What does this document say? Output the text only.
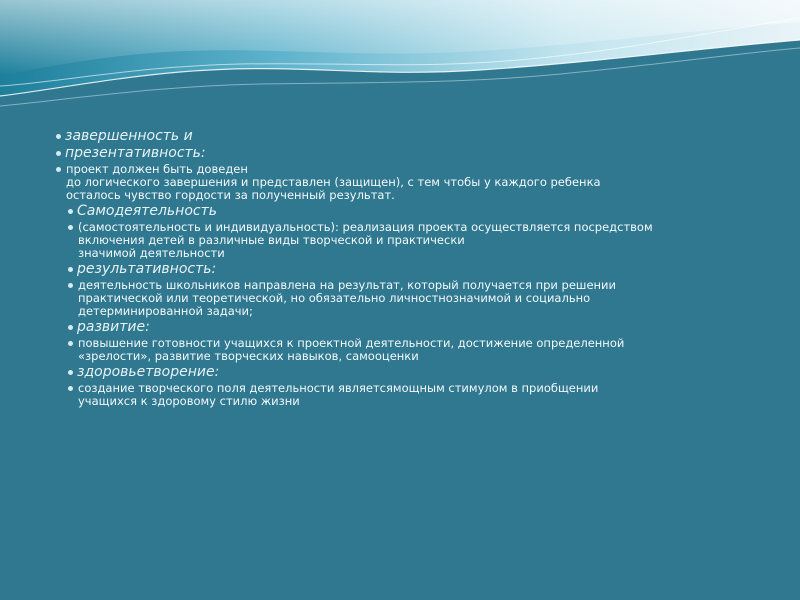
завершенность и
презентативность:
проект должен быть доведен
до логического завершения и представлен (защищен), с тем чтобы у каждого ребенка
осталось чувство гордости за полученный результат.
Самодеятельность
(самостоятельность и индивидуальность): реализация проекта осуществляется посредством
включения детей в различные виды творческой и практически
значимой деятельности
результативность:
деятельность школьников направлена на результат, который получается при решении
практической или теоретической, но обязательно личностнозначимой и социально
детерминированной задачи;
развитие:
повышение готовности учащихся к проектной деятельности, достижение определенной
«зрелости», развитие творческих навыков, самооценки
здоровьетворение:
создание творческого поля деятельности являетсямощным стимулом в приобщении
учащихся к здоровому стилю жизни
